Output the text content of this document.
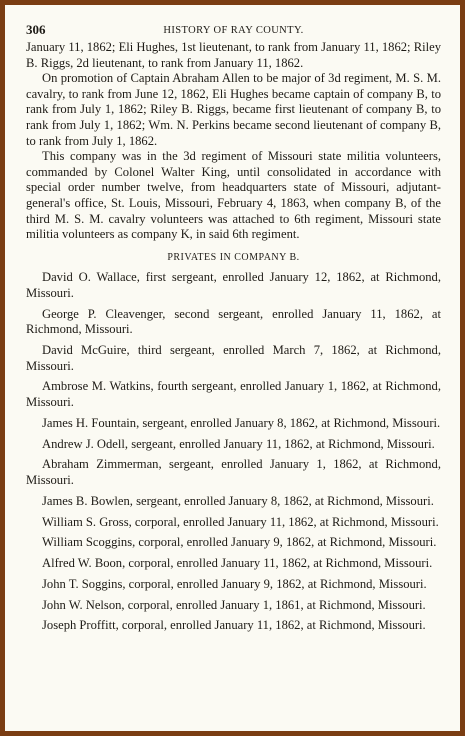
306	HISTORY OF RAY COUNTY.

January 11, 1862; Eli Hughes, 1st lieutenant, to rank from January 11, 1862; Riley B. Riggs, 2d lieutenant, to rank from January 11, 1862.

On promotion of Captain Abraham Allen to be major of 3d regiment, M. S. M. cavalry, to rank from June 12, 1862, Eli Hughes became captain of company B, to rank from July 1, 1862; Riley B. Riggs, became first lieutenant of company B, to rank from July 1, 1862; Wm. N. Perkins became second lieutenant of company B, to rank from July 1, 1862.

This company was in the 3d regiment of Missouri state militia volunteers, commanded by Colonel Walter King, until consolidated in accordance with special order number twelve, from headquarters state of Missouri, adjutant-general's office, St. Louis, Missouri, February 4, 1863, when company B, of the third M. S. M. cavalry volunteers was attached to 6th regiment, Missouri state militia volunteers as company K, in said 6th regiment.

PRIVATES IN COMPANY B.

David O. Wallace, first sergeant, enrolled January 12, 1862, at Richmond, Missouri.

George P. Cleavenger, second sergeant, enrolled January 11, 1862, at Richmond, Missouri.

David McGuire, third sergeant, enrolled March 7, 1862, at Richmond, Missouri.

Ambrose M. Watkins, fourth sergeant, enrolled January 1, 1862, at Richmond, Missouri.

James H. Fountain, sergeant, enrolled January 8, 1862, at Richmond, Missouri.

Andrew J. Odell, sergeant, enrolled January 11, 1862, at Richmond, Missouri.

Abraham Zimmerman, sergeant, enrolled January 1, 1862, at Richmond, Missouri.

James B. Bowlen, sergeant, enrolled January 8, 1862, at Richmond, Missouri.

William S. Gross, corporal, enrolled January 11, 1862, at Richmond, Missouri.

William Scoggins, corporal, enrolled January 9, 1862, at Richmond, Missouri.

Alfred W. Boon, corporal, enrolled January 11, 1862, at Richmond, Missouri.

John T. Soggins, corporal, enrolled January 9, 1862, at Richmond, Missouri.

John W. Nelson, corporal, enrolled January 1, 1861, at Richmond, Missouri.

Joseph Proffitt, corporal, enrolled January 11, 1862, at Richmond, Missouri.
